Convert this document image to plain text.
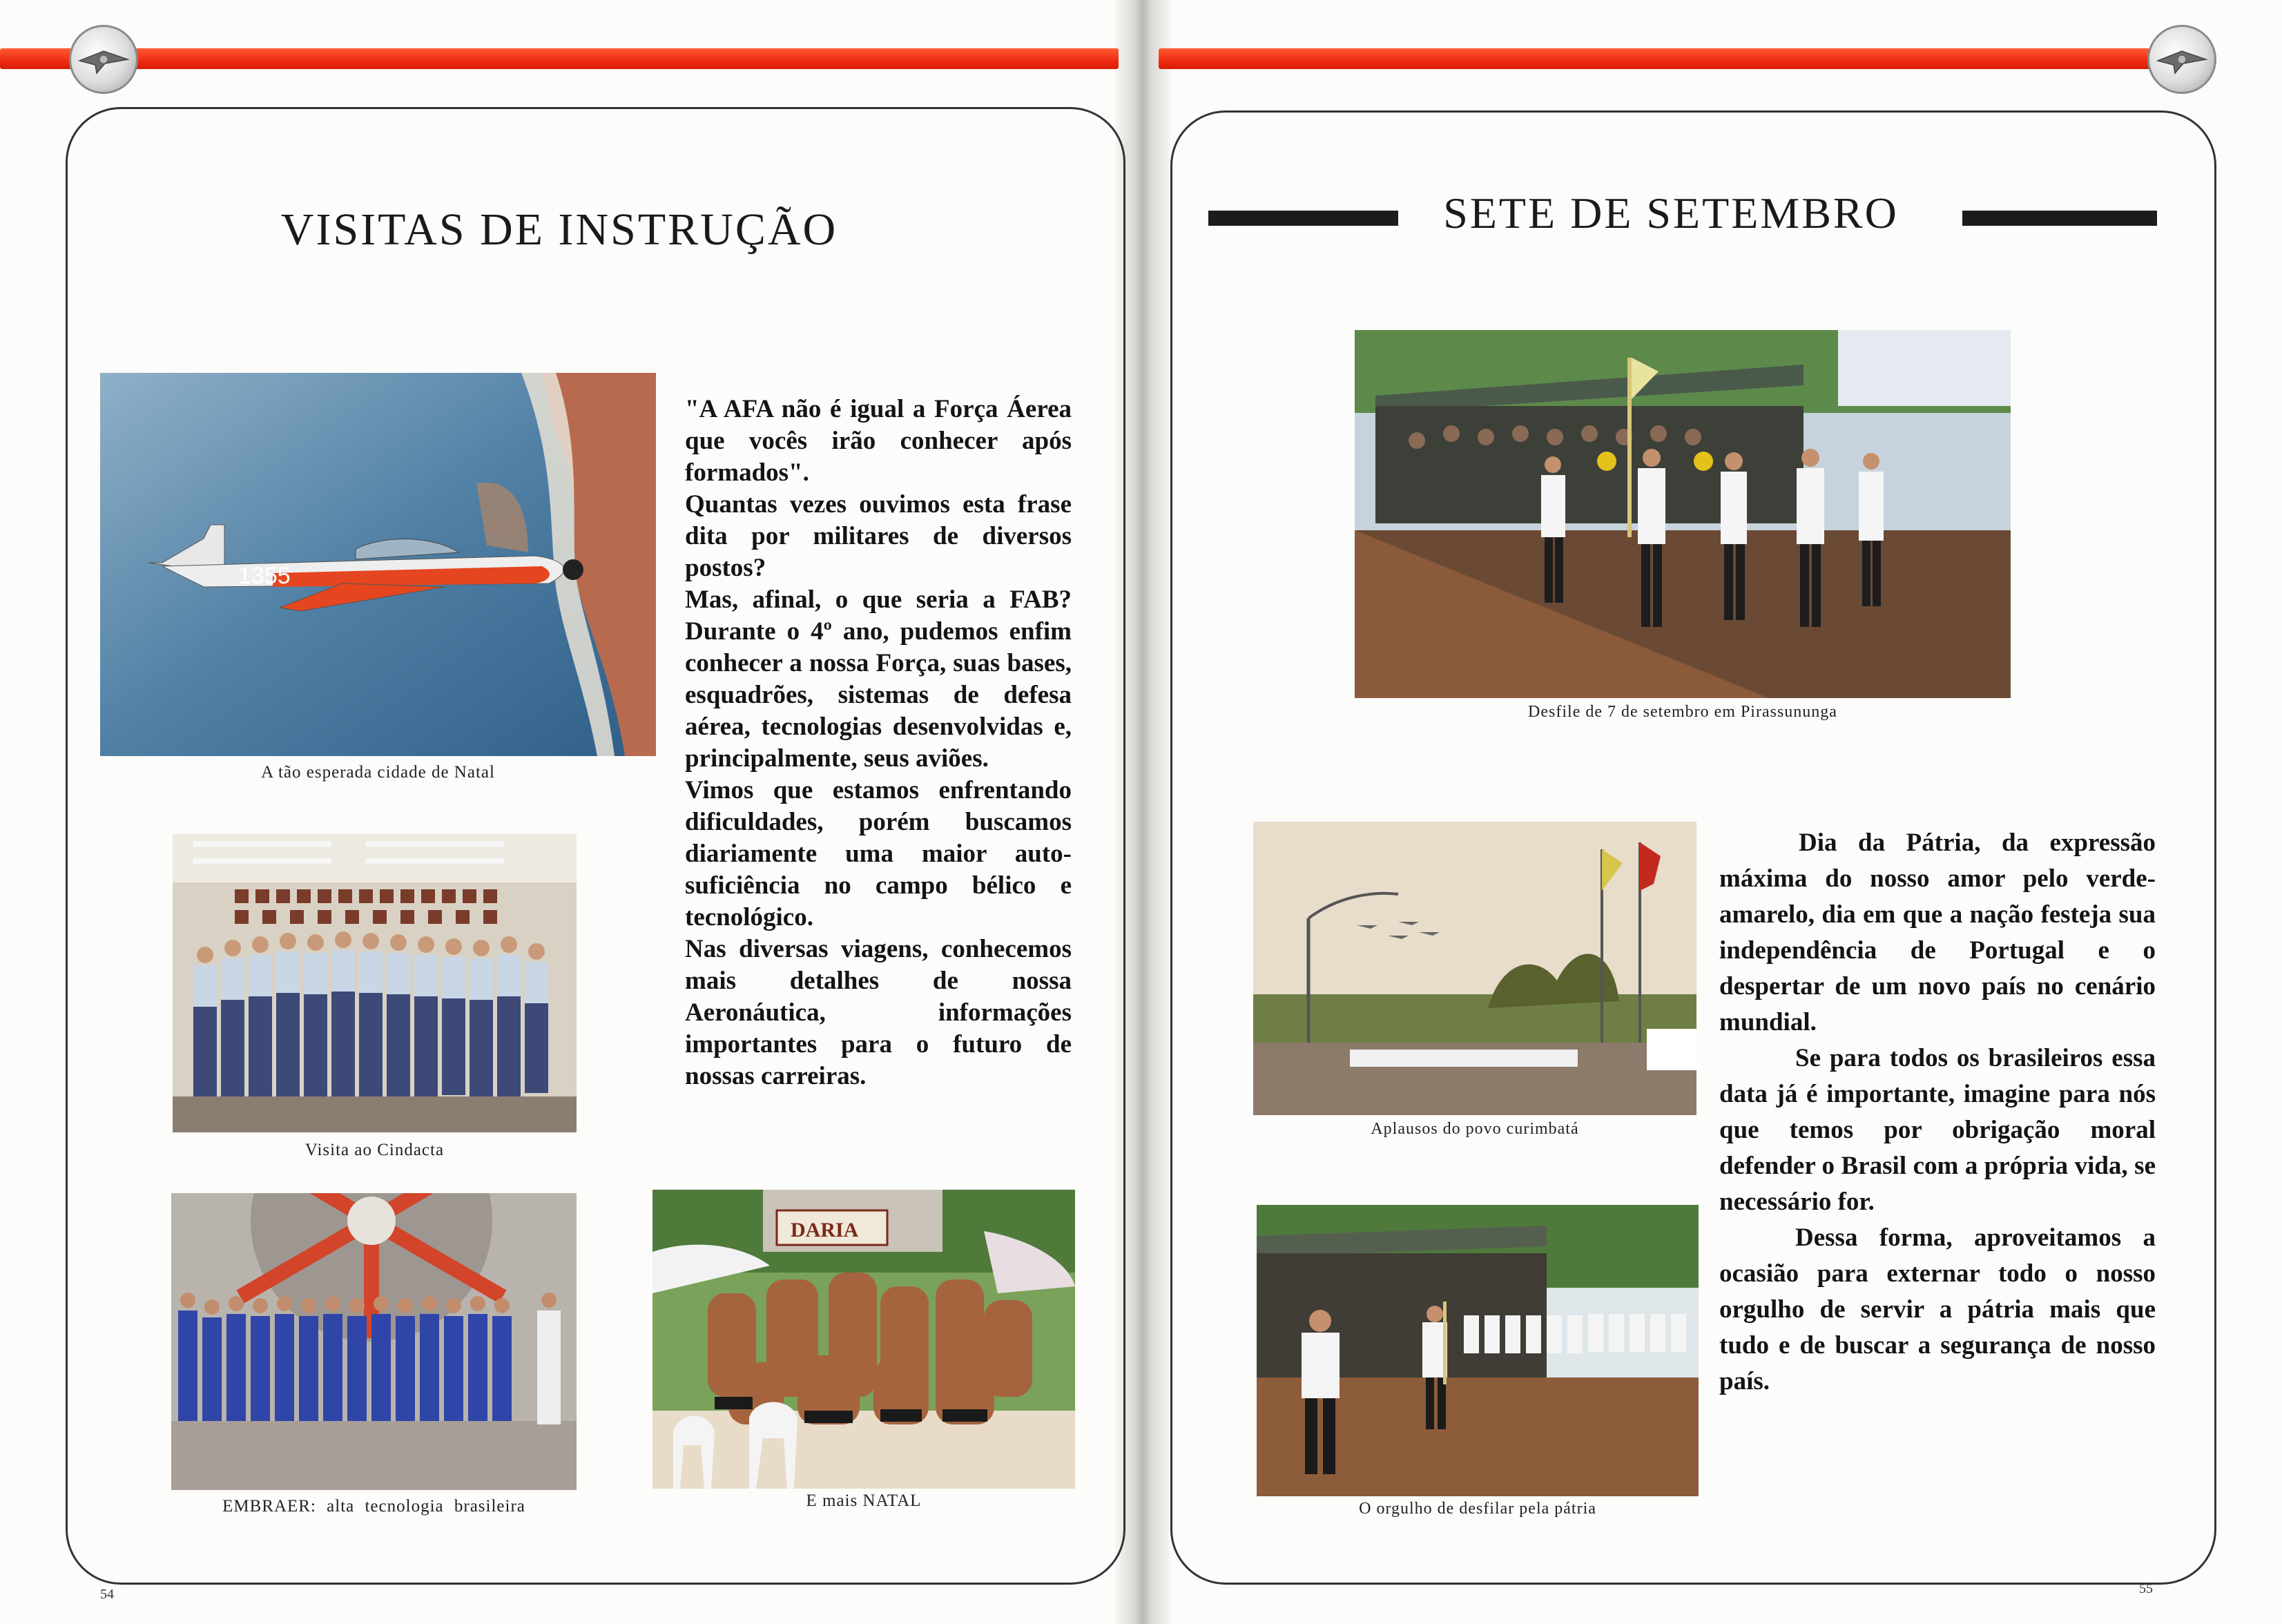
VISITAS DE INSTRUÇÃO
1355
A tão esperada cidade de Natal
Visita ao Cindacta

"A AFA não é igual a Força Áerea que vocês irão conhecer após formados".

Quantas vezes ouvimos esta frase dita por militares de diversos postos?

Mas, afinal, o que seria a FAB? Durante o 4º ano, pudemos enfim conhecer a nossa Força, suas bases, esquadrões, sistemas de defesa aérea, tecnologias desenvolvidas e, principalmente, seus aviões.

Vimos que estamos enfrentando dificuldades, porém buscamos diariamente uma maior auto-suficiência no campo bélico e tecnológico.

Nas diversas viagens, conhecemos mais detalhes de nossa Aeronáutica, informações importantes para o futuro de nossas carreiras.

EMBRAER: alta tecnologia brasileira
DARIA
E mais NATAL
54
SETE DE SETEMBRO
Desfile de 7 de setembro em Pirassununga
Aplausos do povo curimbatá
O orgulho de desfilar pela pátria

Dia da Pátria, da expressão máxima do nosso amor pelo verde-amarelo, dia em que a nação festeja sua independência de Portugal e o despertar de um novo país no cenário mundial.

Se para todos os brasileiros essa data já é importante, imagine para nós que temos por obrigação moral defender o Brasil com a própria vida, se necessário for.

Dessa forma, aproveitamos a ocasião para externar todo o nosso orgulho de servir a pátria mais que tudo e de buscar a segurança de nosso país.

55
